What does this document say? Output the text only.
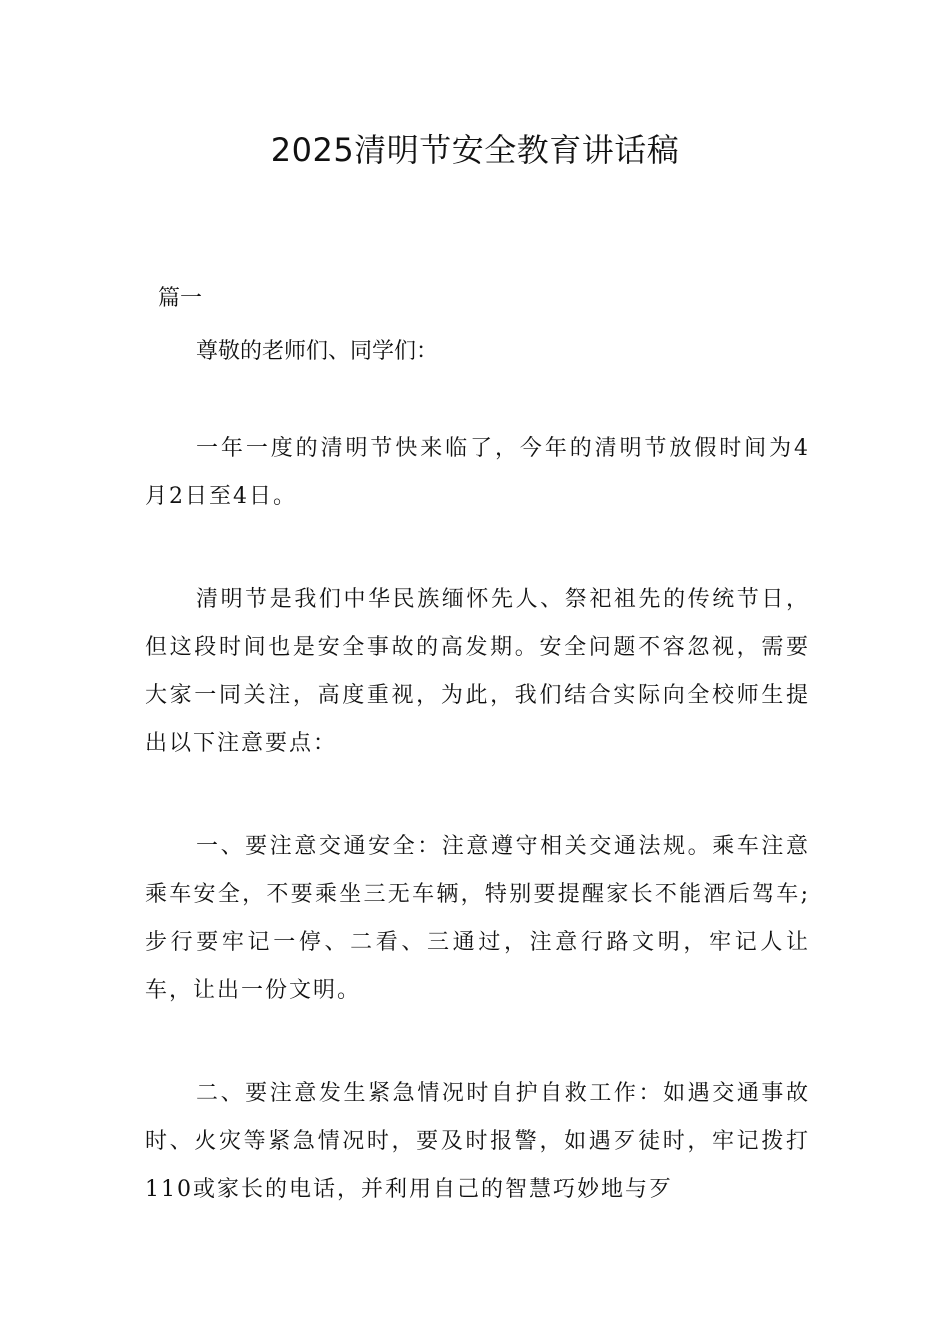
2025清明节安全教育讲话稿

篇一

尊敬的老师们、同学们：

一年一度的清明节快来临了，今年的清明节放假时间为4月2日至4日。

清明节是我们中华民族缅怀先人、祭祀祖先的传统节日，但这段时间也是安全事故的高发期。安全问题不容忽视，需要大家一同关注，高度重视，为此，我们结合实际向全校师生提出以下注意要点：

一、要注意交通安全：注意遵守相关交通法规。乘车注意乘车安全，不要乘坐三无车辆，特别要提醒家长不能酒后驾车;步行要牢记一停、二看、三通过，注意行路文明，牢记人让车，让出一份文明。

二、要注意发生紧急情况时自护自救工作：如遇交通事故时、火灾等紧急情况时，要及时报警，如遇歹徒时，牢记拨打110或家长的电话，并利用自己的智慧巧妙地与歹
